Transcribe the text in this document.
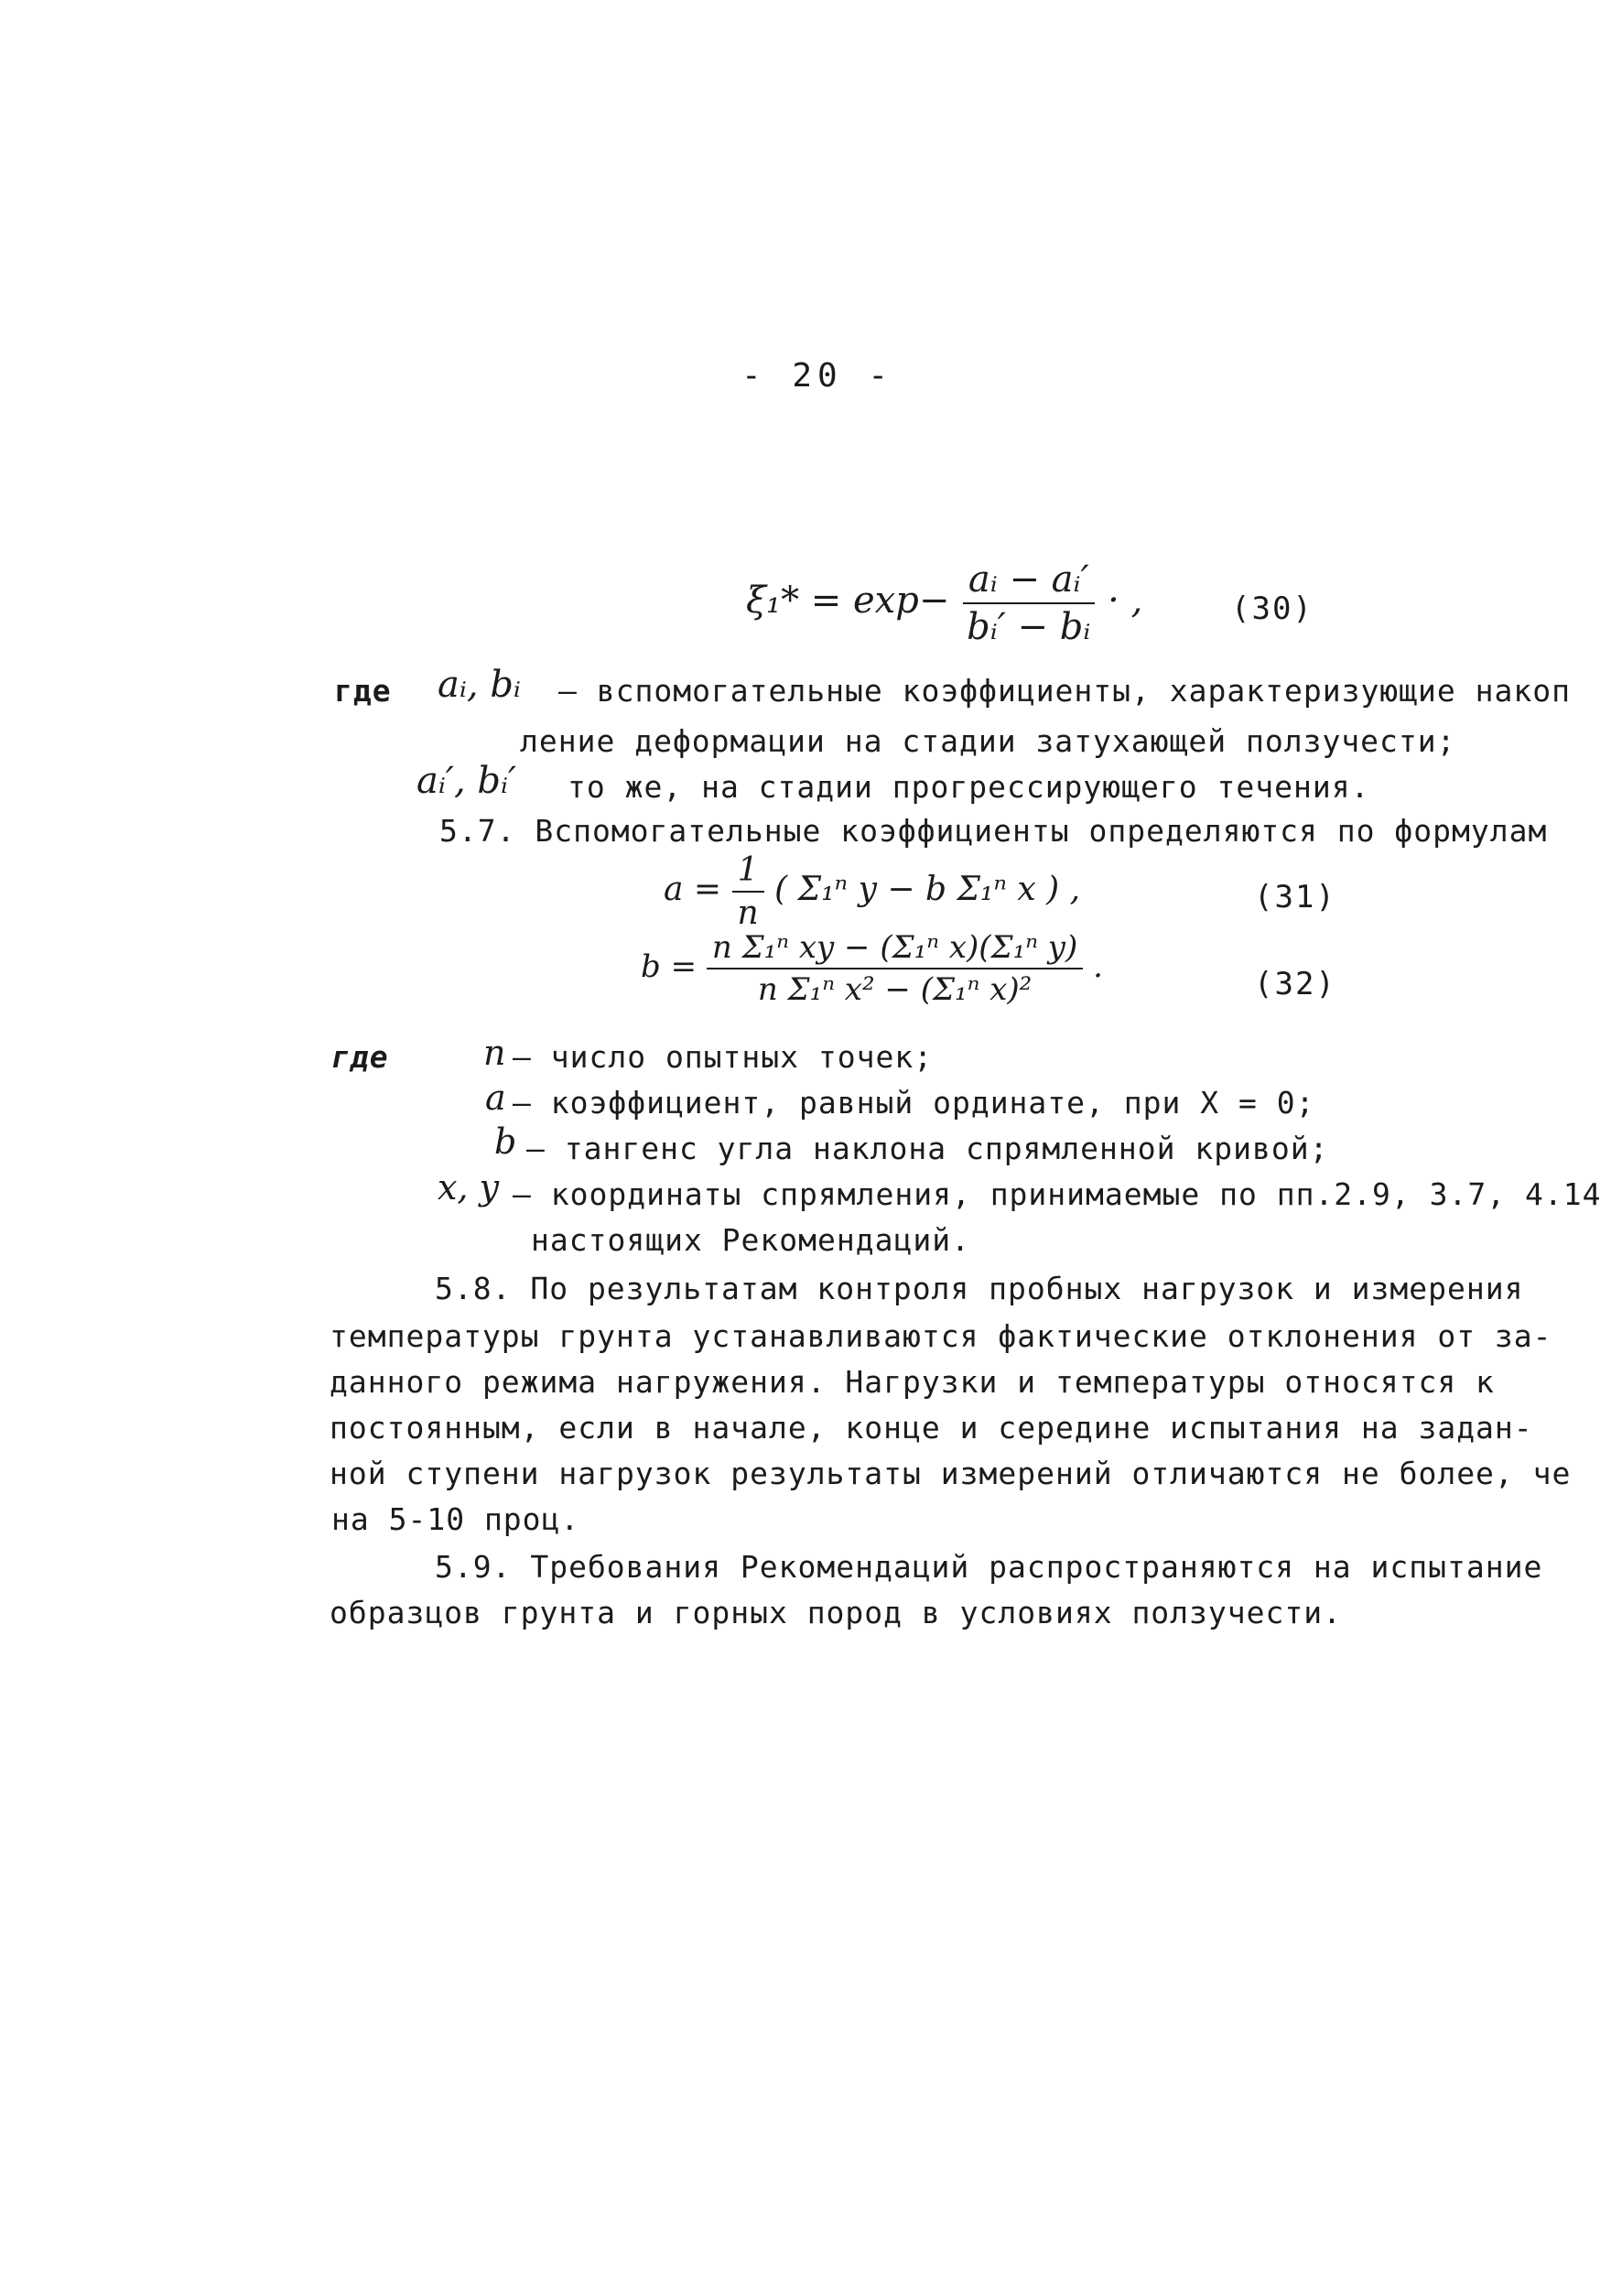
- 20 -
$\xi_1* = \exp- \frac{\text{aᵢ − aᵢ′}}{\text{bᵢ′ − bᵢ}}$ · ,	(30)
где aᵢ, bᵢ – вспомогательные коэффициенты, характеризующие накоп
ление деформации на стадии затухающей ползучести;
aᵢ′, bᵢ′ то же, на стадии прогрессирующего течения.
5.7. Вспомогательные коэффициенты определяются по формулам
$a = \frac{1}{n}$ ( Σ₁ⁿ y − b Σ₁ⁿ x ) ,	(31)
$b = \frac{\text{n Σ₁ⁿ xy − (Σ₁ⁿ x)(Σ₁ⁿ y)}}{\text{n Σ₁ⁿ x² − (Σ₁ⁿ x)²}}$ .	(32)
где	n – число опытных точек;
a – коэффициент, равный ординате, при X = 0;
b – тангенс угла наклона спрямленной кривой;
x, y – координаты спрямления, принимаемые по пп.2.9, 3.7, 4.14
настоящих Рекомендаций.
5.8. По результатам контроля пробных нагрузок и измерения
температуры грунта устанавливаются фактические отклонения от за-
данного режима нагружения. Нагрузки и температуры относятся к
постоянным, если в начале, конце и середине испытания на задан-
ной ступени нагрузок результаты измерений отличаются не более, че
на 5-10 проц.
5.9. Требования Рекомендаций распространяются на испытание
образцов грунта и горных пород в условиях ползучести.
